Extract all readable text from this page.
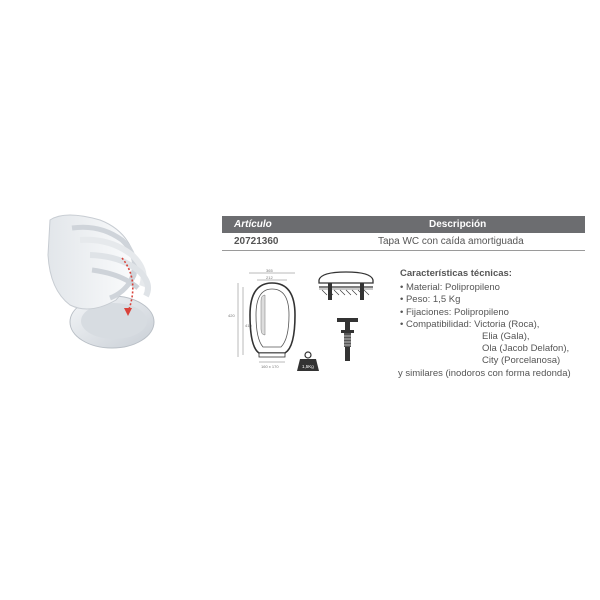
Artículo	Descripción
20721360	Tapa WC con caída amortiguada
365
212
420
410
160 x 170	1,5Kg
Características técnicas:
• Material: Polipropileno
• Peso: 1,5 Kg
• Fijaciones: Polipropileno
• Compatibilidad: Victoria (Roca),
Elia (Gala),
Ola (Jacob Delafon),
City (Porcelanosa)
y similares (inodoros con forma redonda)
